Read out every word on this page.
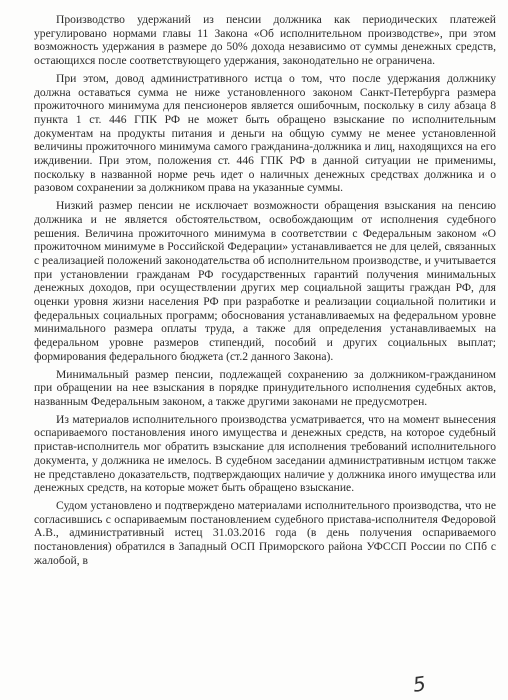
Производство удержаний из пенсии должника как периодических платежей урегулировано нормами главы 11 Закона «Об исполнительном производстве», при этом возможность удержания в размере до 50% дохода независимо от суммы денежных средств, остающихся после соответствующего удержания, законодательно не ограничена.

При этом, довод административного истца о том, что после удержания должнику должна оставаться сумма не ниже установленного законом Санкт-Петербурга размера прожиточного минимума для пенсионеров является ошибочным, поскольку в силу абзаца 8 пункта 1 ст. 446 ГПК РФ не может быть обращено взыскание по исполнительным документам на продукты питания и деньги на общую сумму не менее установленной величины прожиточного минимума самого гражданина-должника и лиц, находящихся на его иждивении. При этом, положения ст. 446 ГПК РФ в данной ситуации не применимы, поскольку в названной норме речь идет о наличных денежных средствах должника и о разовом сохранении за должником права на указанные суммы.

Низкий размер пенсии не исключает возможности обращения взыскания на пенсию должника и не является обстоятельством, освобождающим от исполнения судебного решения. Величина прожиточного минимума в соответствии с Федеральным законом «О прожиточном минимуме в Российской Федерации» устанавливается не для целей, связанных с реализацией положений законодательства об исполнительном производстве, и учитывается при установлении гражданам РФ государственных гарантий получения минимальных денежных доходов, при осуществлении других мер социальной защиты граждан РФ, для оценки уровня жизни населения РФ при разработке и реализации социальной политики и федеральных социальных программ; обоснования устанавливаемых на федеральном уровне минимального размера оплаты труда, а также для определения устанавливаемых на федеральном уровне размеров стипендий, пособий и других социальных выплат; формирования федерального бюджета (ст.2 данного Закона).

Минимальный размер пенсии, подлежащей сохранению за должником-гражданином при обращении на нее взыскания в порядке принудительного исполнения судебных актов, названным Федеральным законом, а также другими законами не предусмотрен.

Из материалов исполнительного производства усматривается, что на момент вынесения оспариваемого постановления иного имущества и денежных средств, на которое судебный пристав-исполнитель мог обратить взыскание для исполнения требований исполнительного документа, у должника не имелось. В судебном заседании административным истцом также не представлено доказательств, подтверждающих наличие у должника иного имущества или денежных средств, на которые может быть обращено взыскание.

Судом установлено и подтверждено материалами исполнительного производства, что не согласившись с оспариваемым постановлением судебного пристава-исполнителя Федоровой А.В., административный истец 31.03.2016 года (в день получения оспариваемого постановления) обратился в Западный ОСП Приморского района УФССП России по СПб с жалобой, в

5
